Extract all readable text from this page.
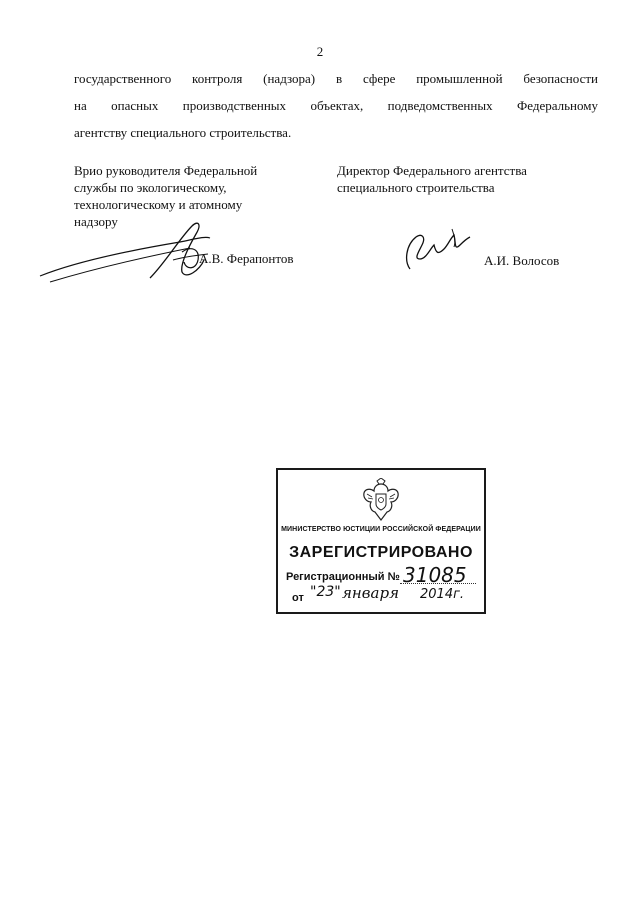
2
государственного контроля (надзора) в сфере промышленной безопасности
на опасных производственных объектах, подведомственных Федеральному
агентству специального строительства.
Врио руководителя Федеральной
службы по экологическому,
технологическому и атомному
надзору
А.В. Ферапонтов
Директор Федерального агентства
специального строительства
А.И. Волосов
МИНИСТЕРСТВО ЮСТИЦИИ РОССИЙСКОЙ ФЕДЕРАЦИИ
ЗАРЕГИСТРИРОВАНО
Регистрационный № 31085
от "23" января 2014г.
